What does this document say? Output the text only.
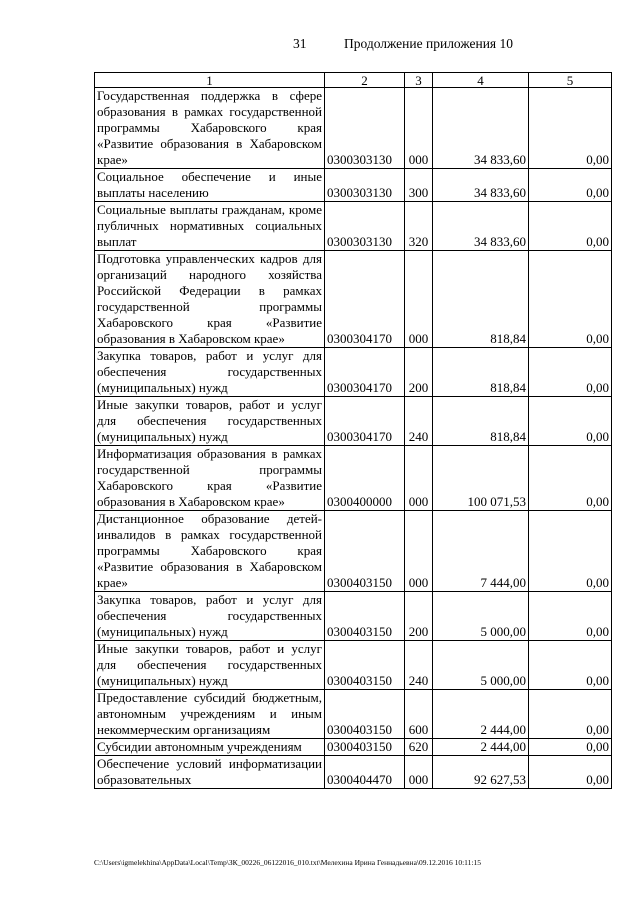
31	Продолжение приложения 10
1	2	3	4	5
Государственная поддержка в сфере образования в рамках государственной программы Хабаровского края «Развитие образования в Хабаровском крае»	0300303130	000	34 833,60	0,00
Социальное обеспечение и иные выплаты населению	0300303130	300	34 833,60	0,00
Социальные выплаты гражданам, кроме публичных нормативных социальных выплат	0300303130	320	34 833,60	0,00
Подготовка управленческих кадров для организаций народного хозяйства Российской Федерации в рамках государственной программы Хабаровского края «Развитие образования в Хабаровском крае»	0300304170	000	818,84	0,00
Закупка товаров, работ и услуг для обеспечения государственных (муниципальных) нужд	0300304170	200	818,84	0,00
Иные закупки товаров, работ и услуг для обеспечения государственных (муниципальных) нужд	0300304170	240	818,84	0,00
Информатизация образования в рамках государственной программы Хабаровского края «Развитие образования в Хабаровском крае»	0300400000	000	100 071,53	0,00
Дистанционное образование детей-инвалидов в рамках государственной программы Хабаровского края «Развитие образования в Хабаровском крае»	0300403150	000	7 444,00	0,00
Закупка товаров, работ и услуг для обеспечения государственных (муниципальных) нужд	0300403150	200	5 000,00	0,00
Иные закупки товаров, работ и услуг для обеспечения государственных (муниципальных) нужд	0300403150	240	5 000,00	0,00
Предоставление субсидий бюджетным, автономным учреждениям и иным некоммерческим организациям	0300403150	600	2 444,00	0,00
Субсидии автономным учреждениям	0300403150	620	2 444,00	0,00
Обеспечение условий информатизации образовательных	0300404470	000	92 627,53	0,00
C:\Users\igmelekhina\AppData\Local\Temp\ЗК_00226_06122016_010.txt\Мелехина Ирина Геннадьевна\09.12.2016 10:11:15
